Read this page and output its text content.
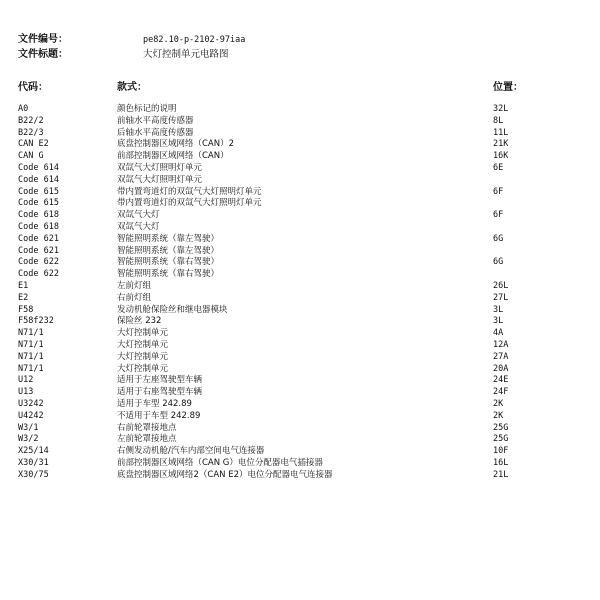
文件编号：	pe82.10-p-2102-97iaa
文件标题：	大灯控制单元电路图
代码：	款式：	位置：
A0	颜色标记的说明	32L
B22/2	前轴水平高度传感器	8L
B22/3	后轴水平高度传感器	11L
CAN E2	底盘控制器区域网络（CAN）2	21K
CAN G	前部控制器区域网络（CAN）	16K
Code 614	双氙气大灯照明灯单元	6E
Code 614	双氙气大灯照明灯单元
Code 615	带内置弯道灯的双氙气大灯照明灯单元	6F
Code 615	带内置弯道灯的双氙气大灯照明灯单元
Code 618	双氙气大灯	6F
Code 618	双氙气大灯
Code 621	智能照明系统（靠左驾驶）	6G
Code 621	智能照明系统（靠左驾驶）
Code 622	智能照明系统（靠右驾驶）	6G
Code 622	智能照明系统（靠右驾驶）
E1	左前灯组	26L
E2	右前灯组	27L
F58	发动机舱保险丝和继电器模块	3L
F58f232	保险丝 232	3L
N71/1	大灯控制单元	4A
N71/1	大灯控制单元	12A
N71/1	大灯控制单元	27A
N71/1	大灯控制单元	20A
U12	适用于左座驾驶型车辆	24E
U13	适用于右座驾驶型车辆	24F
U3242	适用于车型 242.89	2K
U4242	不适用于车型 242.89	2K
W3/1	右前轮罩接地点	25G
W3/2	左前轮罩接地点	25G
X25/14	右侧发动机舱/汽车内部空间电气连接器	10F
X30/31	前部控制器区域网络（CAN G）电位分配器电气插接器	16L
X30/75	底盘控制器区域网络2（CAN E2）电位分配器电气连接器	21L
